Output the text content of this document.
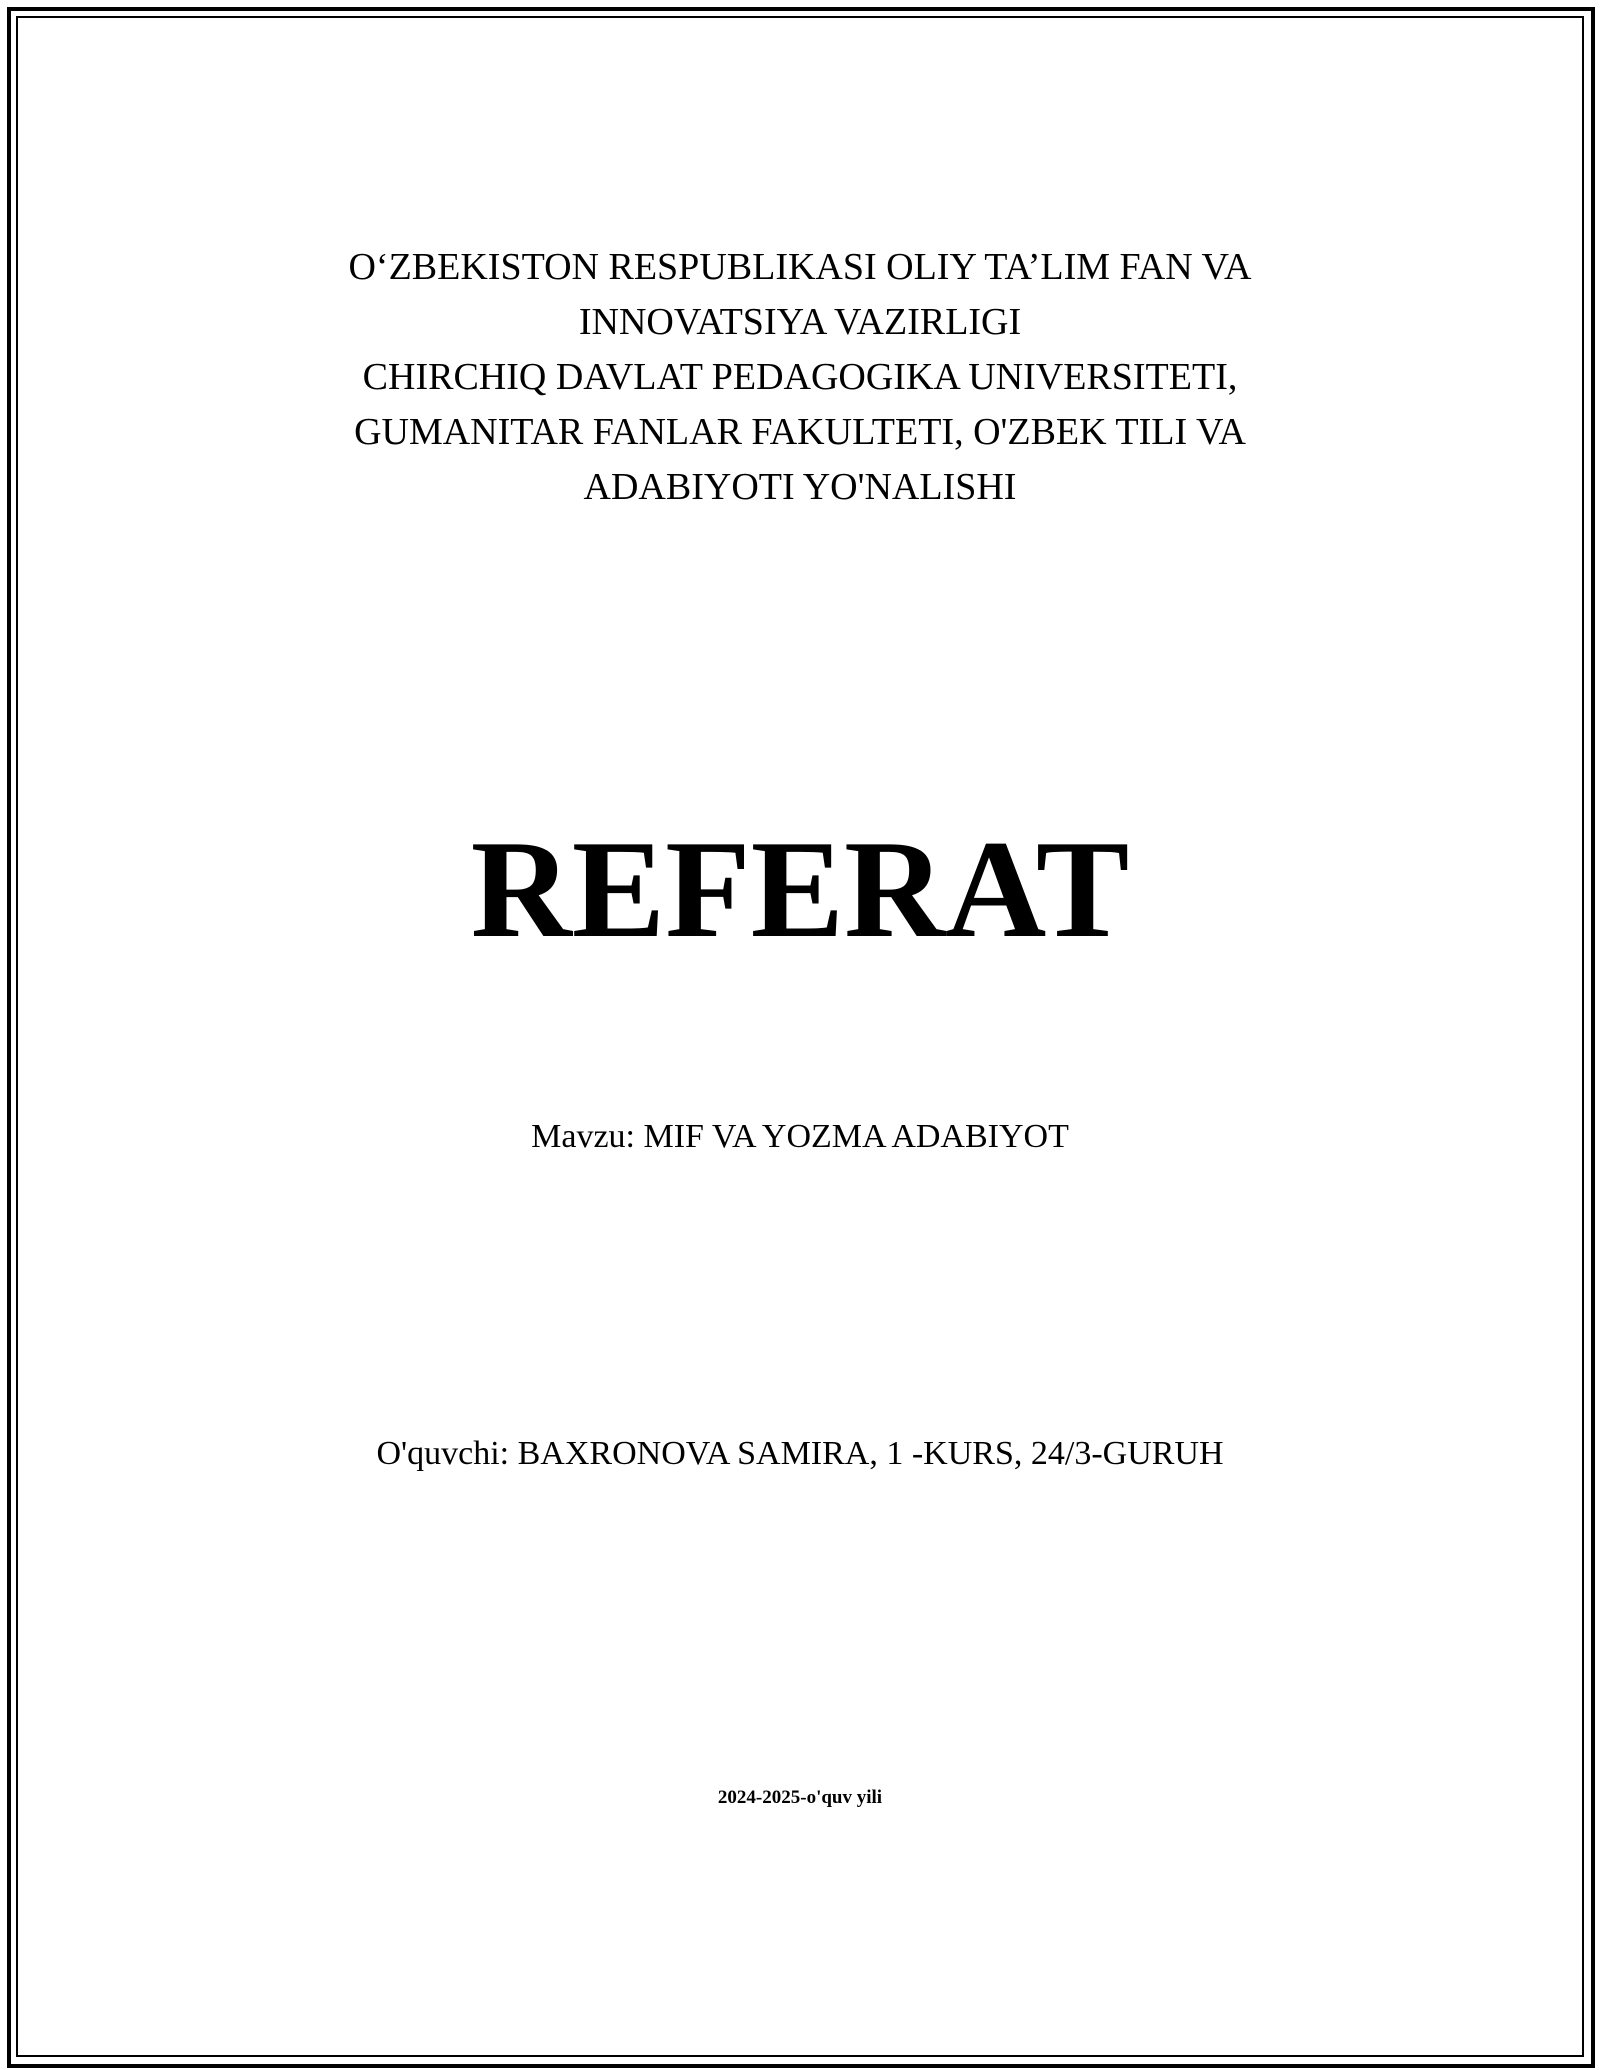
O‘ZBEKISTON RESPUBLIKASI OLIY TA’LIM FAN VA
INNOVATSIYA VAZIRLIGI
CHIRCHIQ DAVLAT PEDAGOGIKA UNIVERSITETI,
GUMANITAR FANLAR FAKULTETI, O'ZBEK TILI VA
ADABIYOTI YO'NALISHI
REFERAT
Mavzu: MIF VA YOZMA ADABIYOT
O'quvchi: BAXRONOVA SAMIRA, 1 -KURS, 24/3-GURUH
2024-2025-o'quv yili
